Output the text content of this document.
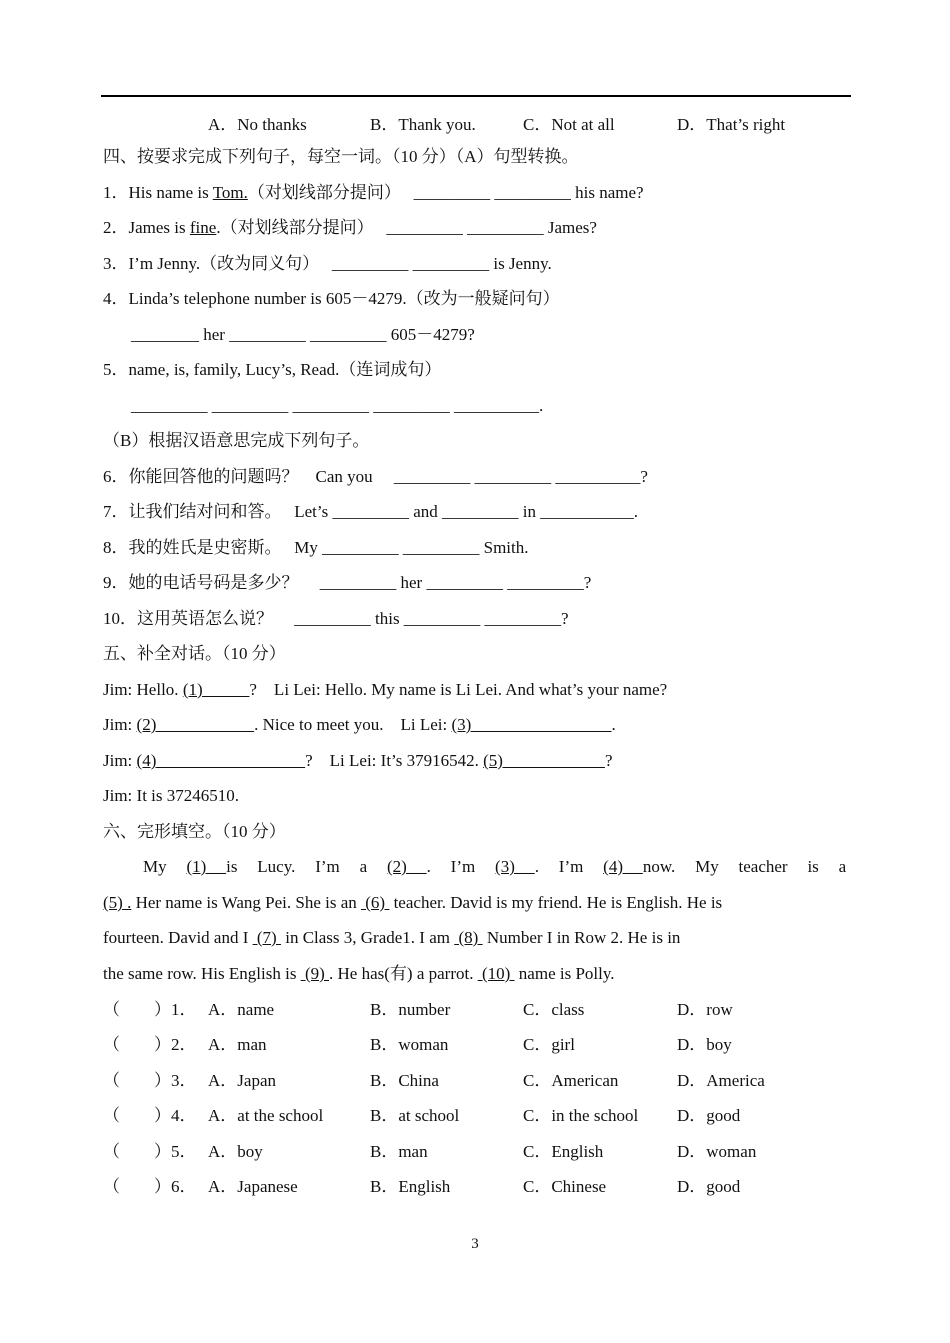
A．No thanks	B．Thank you.	C．Not at all	D．That’s right
四、按要求完成下列句子，每空一词。（10 分）（A）句型转换。
1．His name is Tom.（对划线部分提问）　 _________ _________ his name?
2．James is fine.（对划线部分提问）　 _________ _________ James?
3．I’m Jenny.（改为同义句）　 _________ _________ is Jenny.
4．Linda’s telephone number is 605－4279.（改为一般疑问句）
________ her _________ _________ 605－4279?
5．name, is, family, Lucy’s, Read.（连词成句）
_________ _________ _________ _________ __________.
（B）根据汉语意思完成下列句子。
6．你能回答他的问题吗？　Can you　 _________ _________ __________?
7．让我们结对问和答。　 Let’s _________ and _________ in ___________.
8．我的姓氏是史密斯。　 My _________ _________ Smith.
9．她的电话号码是多少？　 _________ her _________ _________?
10．这用英语怎么说？　 _________ this _________ _________?
五、补全对话。（10 分）
Jim: Hello. (1)           ?    Li Lei: Hello. My name is Li Lei. And what’s your name?
Jim: (2)                       . Nice to meet you.    Li Lei: (3)                                 .
Jim: (4)                                   ?    Li Lei: It’s 37916542. (5)                        ?
Jim: It is 37246510.
六、完形填空。（10 分）
My (1) is Lucy. I’m a (2) . I’m (3) . I’m (4) now. My teacher is a
(5) . Her name is Wang Pei. She is an  (6)  teacher. David is my friend. He is English. He is
fourteen. David and I  (7)  in Class 3, Grade1. I am  (8)  Number I in Row 2. He is in
the same row. His English is  (9) . He has(有) a parrot.  (10)  name is Polly.
（　　）1． A．name	B．number	C．class	D．row
（　　）2． A．man	B．woman	C．girl	D．boy
（　　）3． A．Japan	B．China	C．American	D．America
（　　）4． A．at the school	B．at school	C．in the school D．good
（　　）5． A．boy	B．man	C．English	D．woman
（　　）6． A．Japanese	B．English	C．Chinese	D．good
3
